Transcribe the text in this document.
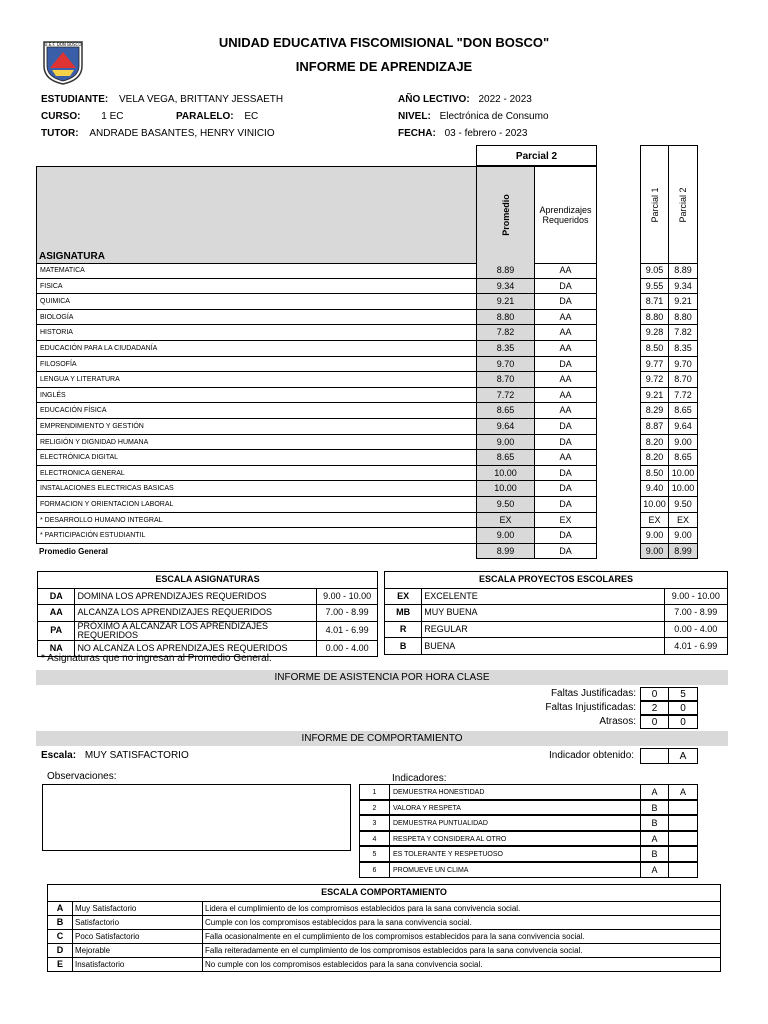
U.E.F. DON BOSCO	UNIDAD EDUCATIVA FISCOMISIONAL "DON BOSCO"
INFORME DE APRENDIZAJE
ESTUDIANTE: VELA VEGA, BRITTANY JESSAETH
CURSO: 1 EC	PARALELO: EC
TUTOR: ANDRADE BASANTES, HENRY VINICIO
AÑO LECTIVO: 2022 - 2023
NIVEL: Electrónica de Consumo
FECHA: 03 - febrero - 2023
Parcial 2
ASIGNATURA
Promedio	Aprendizajes Requeridos	Parcial 1 Parcial 2
MATEMATICA	8.89	AA	9.05	8.89
FISICA	9.34	DA	9.55	9.34
QUIMICA	9.21	DA	8.71	9.21
BIOLOGÍA	8.80	AA	8.80	8.80
HISTORIA	7.82	AA	9.28	7.82
EDUCACIÓN PARA LA CIUDADANÍA	8.35	AA	8.50	8.35
FILOSOFÍA	9.70	DA	9.77	9.70
LENGUA Y LITERATURA	8.70	AA	9.72	8.70
INGLÉS	7.72	AA	9.21	7.72
EDUCACIÓN FÍSICA	8.65	AA	8.29	8.65
EMPRENDIMIENTO Y GESTIÓN	9.64	DA	8.87	9.64
RELIGIÓN Y DIGNIDAD HUMANA	9.00	DA	8.20	9.00
ELECTRÓNICA DIGITAL	8.65	AA	8.20	8.65
ELECTRONICA GENERAL	10.00	DA	8.50 10.00
INSTALACIONES ELECTRICAS BASICAS	10.00	DA	9.40 10.00
FORMACION Y ORIENTACION LABORAL	9.50	DA	10.00 9.50
* DESARROLLO HUMANO INTEGRAL	EX	EX	EX	EX
* PARTICIPACIÓN ESTUDIANTIL	9.00	DA	9.00	9.00
Promedio General	8.99	DA	9.00	8.99
ESCALA ASIGNATURAS		
DA	DOMINA LOS APRENDIZAJES REQUERIDOS	9.00 - 10.00
AA	ALCANZA LOS APRENDIZAJES REQUERIDOS	7.00 - 8.99
PA	PRÓXIMO A ALCANZAR LOS APRENDIZAJES REQUERIDOS	4.01 - 6.99
NA	NO ALCANZA LOS APRENDIZAJES REQUERIDOS	0.00 - 4.00
ESCALA PROYECTOS ESCOLARES		
EX	EXCELENTE	9.00 - 10.00
MB	MUY BUENA	7.00 - 8.99
R	REGULAR	0.00 - 4.00
B	BUENA	4.01 - 6.99
* Asignaturas que no ingresan al Promedio General.
INFORME DE ASISTENCIA POR HORA CLASE
Faltas Justificadas:	0	5
Faltas Injustificadas:	2	0
Atrasos:	0	0
INFORME DE COMPORTAMIENTO
Escala: MUY SATISFACTORIO	Indicador obtenido:	A
Observaciones:	Indicadores:
1	DEMUESTRA HONESTIDAD	A	A
2	VALORA Y RESPETA	B
3	DEMUESTRA PUNTUALIDAD	B
4	RESPETA Y CONSIDERA AL OTRO	A
5	ES TOLERANTE Y RESPETUOSO	B
6	PROMUEVE UN CLIMA	A
ESCALA COMPORTAMIENTO		
A	Muy Satisfactorio	Lidera el cumplimiento de los compromisos establecidos para la sana convivencia social.
B	Satisfactorio	Cumple con los compromisos establecidos para la sana convivencia social.
C	Poco Satisfactorio	Falla ocasionalmente en el cumplimiento de los compromisos establecidos para la sana convivencia social.
D	Mejorable	Falla reiteradamente en el cumplimiento de los compromisos establecidos para la sana convivencia social.
E	Insatisfactorio	No cumple con los compromisos establecidos para la sana convivencia social.
